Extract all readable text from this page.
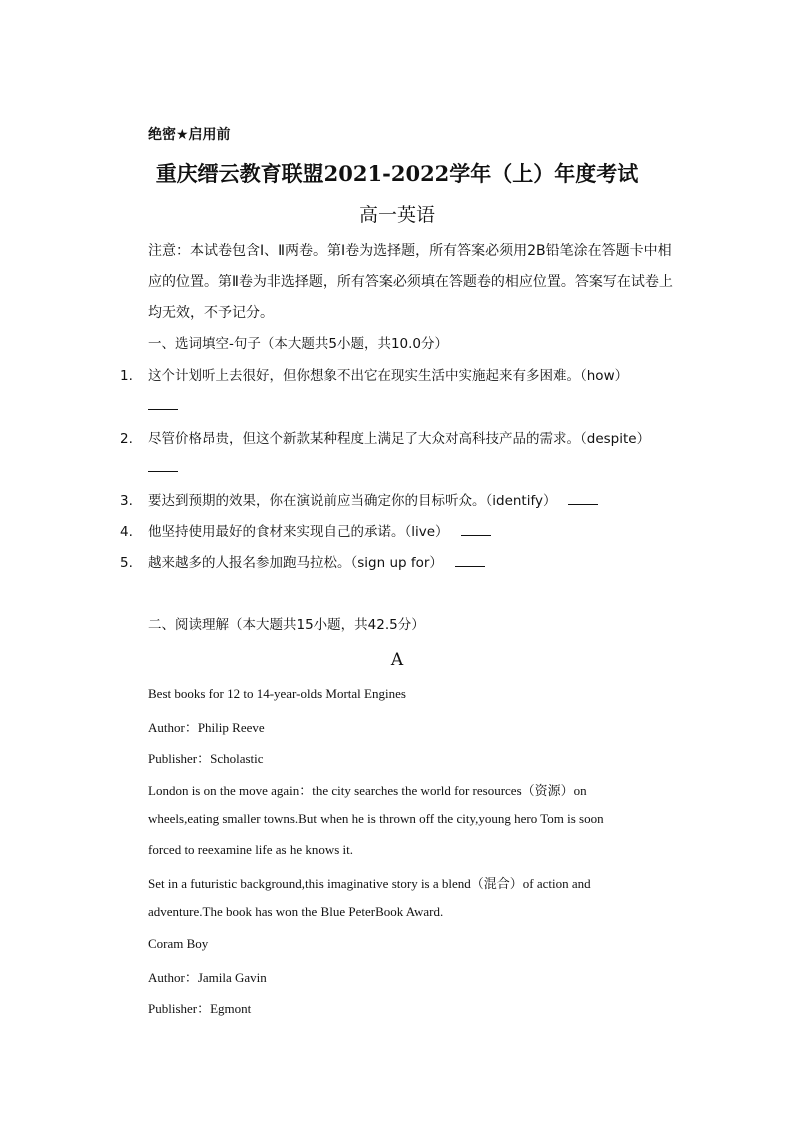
绝密★启用前
重庆缙云教育联盟2021-2022学年（上）年度考试
高一英语
注意：本试卷包含Ⅰ、Ⅱ两卷。第Ⅰ卷为选择题，所有答案必须用2B铅笔涂在答题卡中相应的位置。第Ⅱ卷为非选择题，所有答案必须填在答题卷的相应位置。答案写在试卷上均无效，不予记分。
一、选词填空-句子（本大题共5小题，共10.0分）
1. 这个计划听上去很好，但你想象不出它在现实生活中实施起来有多困难。（how）
2. 尽管价格昂贵，但这个新款某种程度上满足了大众对高科技产品的需求。（despite）
3. 要达到预期的效果，你在演说前应当确定你的目标听众。（identify）
4. 他坚持使用最好的食材来实现自己的承诺。（live）
5. 越来越多的人报名参加跑马拉松。（sign up for）
二、阅读理解（本大题共15小题，共42.5分）
A
Best books for 12 to 14-year-olds Mortal Engines
Author：Philip Reeve
Publisher：Scholastic
London is on the move again：the city searches the world for resources（资源）on
wheels,eating smaller towns.But when he is thrown off the city,young hero Tom is soon
forced to reexamine life as he knows it.
Set in a futuristic background,this imaginative story is a blend（混合）of action and
adventure.The book has won the Blue PeterBook Award.
Coram Boy
Author：Jamila Gavin
Publisher：Egmont
